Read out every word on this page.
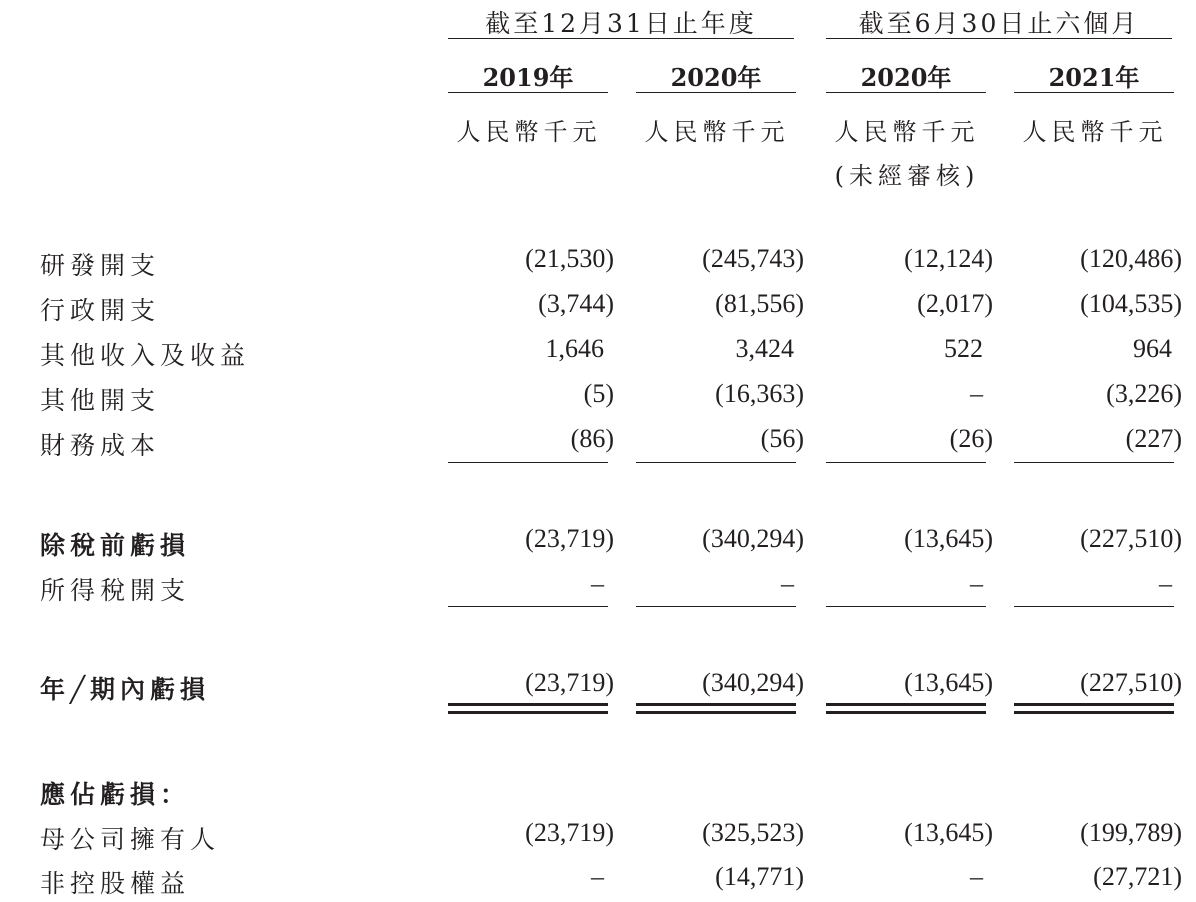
截至12月31日止年度	截至6月30日止六個月
2019年	2020年	2020年	2021年
人民幣千元	人民幣千元	人民幣千元	人民幣千元
(未經審核)
研發開支	(21,530)	(245,743)	(12,124)	(120,486)
行政開支	(3,744)	(81,556)	(2,017)	(104,535)
其他收入及收益	1,646	3,424	522	964
其他開支	(5)	(16,363)	–	(3,226)
財務成本	(86)	(56)	(26)	(227)
除稅前虧損	(23,719)	(340,294)	(13,645)	(227,510)
所得稅開支	–	–	–	–
年╱期內虧損	(23,719)	(340,294)	(13,645)	(227,510)
應佔虧損：
母公司擁有人	(23,719)	(325,523)	(13,645)	(199,789)
非控股權益	–	(14,771)	–	(27,721)
